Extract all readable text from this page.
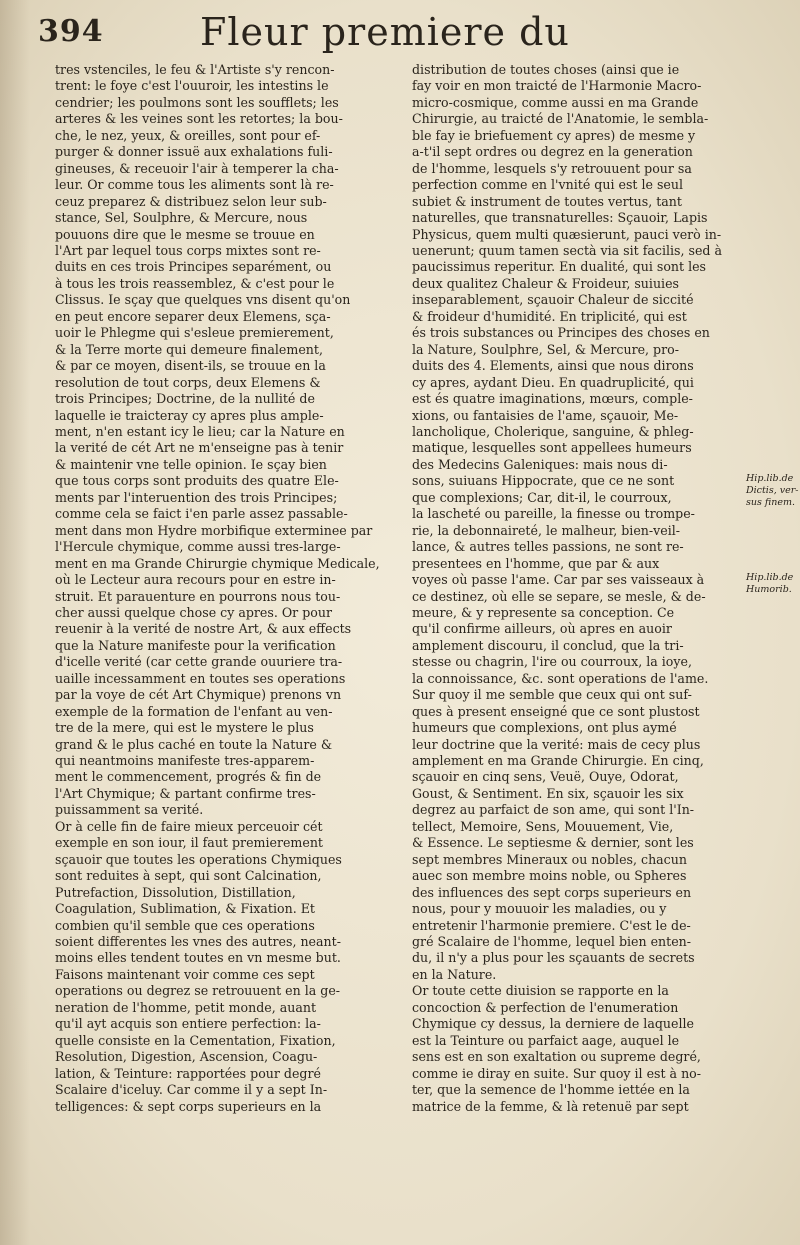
394	Fleur premiere du
tres vstenciles, le feu & l'Artiste s'y rencon-
trent: le foye c'est l'ouuroir, les intestins le
cendrier; les poulmons sont les soufflets; les
arteres & les veines sont les retortes; la bou-
che, le nez, yeux, & oreilles, sont pour ef-
purger & donner issuë aux exhalations fuli-
gineuses, & receuoir l'air à temperer la cha-
leur. Or comme tous les aliments sont là re-
ceuz preparez & distribuez selon leur sub-
stance, Sel, Soulphre, & Mercure, nous
pouuons dire que le mesme se trouue en
l'Art par lequel tous corps mixtes sont re-
duits en ces trois Principes separément, ou
à tous les trois reassemblez, & c'est pour le
Clissus. Ie sçay que quelques vns disent qu'on
en peut encore separer deux Elemens, sça-
uoir le Phlegme qui s'esleue premierement,
& la Terre morte qui demeure finalement,
& par ce moyen, disent-ils, se trouue en la
resolution de tout corps, deux Elemens &
trois Principes; Doctrine, de la nullité de
laquelle ie traicteray cy apres plus ample-
ment, n'en estant icy le lieu; car la Nature en
la verité de cét Art ne m'enseigne pas à tenir
& maintenir vne telle opinion. Ie sçay bien
que tous corps sont produits des quatre Ele-
ments par l'interuention des trois Principes;
comme cela se faict i'en parle assez passable-
ment dans mon Hydre morbifique exterminee par
l'Hercule chymique, comme aussi tres-large-
ment en ma Grande Chirurgie chymique Medicale,
où le Lecteur aura recours pour en estre in-
struit. Et parauenture en pourrons nous tou-
cher aussi quelque chose cy apres. Or pour
reuenir à la verité de nostre Art, & aux effects
que la Nature manifeste pour la verification
d'icelle verité (car cette grande ouuriere tra-
uaille incessamment en toutes ses operations
par la voye de cét Art Chymique) prenons vn
exemple de la formation de l'enfant au ven-
tre de la mere, qui est le mystere le plus
grand & le plus caché en toute la Nature &
qui neantmoins manifeste tres-apparem-
ment le commencement, progrés & fin de
l'Art Chymique; & partant confirme tres-
puissamment sa verité.
Or à celle fin de faire mieux perceuoir cét
exemple en son iour, il faut premierement
sçauoir que toutes les operations Chymiques
sont reduites à sept, qui sont Calcination,
Putrefaction, Dissolution, Distillation,
Coagulation, Sublimation, & Fixation. Et
combien qu'il semble que ces operations
soient differentes les vnes des autres, neant-
moins elles tendent toutes en vn mesme but.
Faisons maintenant voir comme ces sept
operations ou degrez se retrouuent en la ge-
neration de l'homme, petit monde, auant
qu'il ayt acquis son entiere perfection: la-
quelle consiste en la Cementation, Fixation,
Resolution, Digestion, Ascension, Coagu-
lation, & Teinture: rapportées pour degré
Scalaire d'iceluy. Car comme il y a sept In-
telligences: & sept corps superieurs en la
distribution de toutes choses (ainsi que ie
fay voir en mon traicté de l'Harmonie Macro-
micro-cosmique, comme aussi en ma Grande
Chirurgie, au traicté de l'Anatomie, le sembla-
ble fay ie briefuement cy apres) de mesme y
a-t'il sept ordres ou degrez en la generation
de l'homme, lesquels s'y retrouuent pour sa
perfection comme en l'vnité qui est le seul
subiet & instrument de toutes vertus, tant
naturelles, que transnaturelles: Sçauoir, Lapis
Physicus, quem multi quæsierunt, pauci verò in-
uenerunt; quum tamen sectà via sit facilis, sed à
paucissimus reperitur. En dualité, qui sont les
deux qualitez Chaleur & Froideur, suiuies
inseparablement, sçauoir Chaleur de siccité
& froideur d'humidité. En triplicité, qui est
és trois substances ou Principes des choses en
la Nature, Soulphre, Sel, & Mercure, pro-
duits des 4. Elements, ainsi que nous dirons
cy apres, aydant Dieu. En quadruplicité, qui
est és quatre imaginations, mœurs, comple-
xions, ou fantaisies de l'ame, sçauoir, Me-
lancholique, Cholerique, sanguine, & phleg-
matique, lesquelles sont appellees humeurs
des Medecins Galeniques: mais nous di-
sons, suiuans Hippocrate, que ce ne sont
que complexions; Car, dit-il, le courroux,
la lascheté ou pareille, la finesse ou trompe-
rie, la debonnaireté, le malheur, bien-veil-
lance, & autres telles passions, ne sont re-
presentees en l'homme, que par & aux
voyes où passe l'ame. Car par ses vaisseaux à
ce destinez, où elle se separe, se mesle, & de-
meure, & y represente sa conception. Ce
qu'il confirme ailleurs, où apres en auoir
amplement discouru, il conclud, que la tri-
stesse ou chagrin, l'ire ou courroux, la ioye,
la connoissance, &c. sont operations de l'ame.
Sur quoy il me semble que ceux qui ont suf-
ques à present enseigné que ce sont plustost
humeurs que complexions, ont plus aymé
leur doctrine que la verité: mais de cecy plus
amplement en ma Grande Chirurgie. En cinq,
sçauoir en cinq sens, Veuë, Ouye, Odorat,
Goust, & Sentiment. En six, sçauoir les six
degrez au parfaict de son ame, qui sont l'In-
tellect, Memoire, Sens, Mouuement, Vie,
& Essence. Le septiesme & dernier, sont les
sept membres Mineraux ou nobles, chacun
auec son membre moins noble, ou Spheres
des influences des sept corps superieurs en
nous, pour y mouuoir les maladies, ou y
entretenir l'harmonie premiere. C'est le de-
gré Scalaire de l'homme, lequel bien enten-
du, il n'y a plus pour les sçauants de secrets
en la Nature.
Or toute cette diuision se rapporte en la
concoction & perfection de l'enumeration
Chymique cy dessus, la derniere de laquelle
est la Teinture ou parfaict aage, auquel le
sens est en son exaltation ou supreme degré,
comme ie diray en suite. Sur quoy il est à no-
ter, que la semence de l'homme iettée en la
matrice de la femme, & là retenuë par sept
Hip.lib.de Dictis, ver-sus finem.
Hip.lib.de Humorib.
